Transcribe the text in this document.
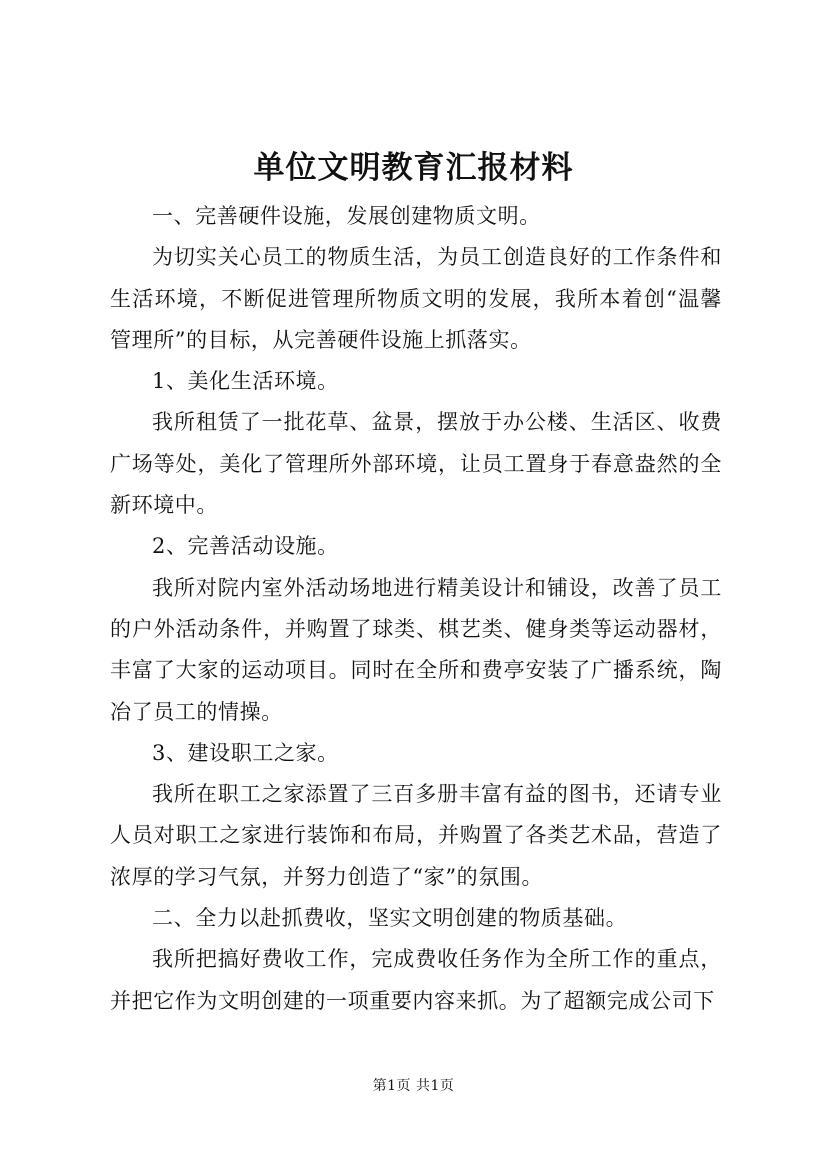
单位文明教育汇报材料

一、完善硬件设施，发展创建物质文明。

为切实关心员工的物质生活，为员工创造良好的工作条件和生活环境，不断促进管理所物质文明的发展，我所本着创“温馨管理所”的目标，从完善硬件设施上抓落实。

1、美化生活环境。

我所租赁了一批花草、盆景，摆放于办公楼、生活区、收费广场等处，美化了管理所外部环境，让员工置身于春意盎然的全新环境中。

2、完善活动设施。

我所对院内室外活动场地进行精美设计和铺设，改善了员工的户外活动条件，并购置了球类、棋艺类、健身类等运动器材，丰富了大家的运动项目。同时在全所和费亭安装了广播系统，陶冶了员工的情操。

3、建设职工之家。

我所在职工之家添置了三百多册丰富有益的图书，还请专业人员对职工之家进行装饰和布局，并购置了各类艺术品，营造了浓厚的学习气氛，并努力创造了“家”的氛围。

二、全力以赴抓费收，坚实文明创建的物质基础。

我所把搞好费收工作，完成费收任务作为全所工作的重点，并把它作为文明创建的一项重要内容来抓。为了超额完成公司下

第1页 共1页
